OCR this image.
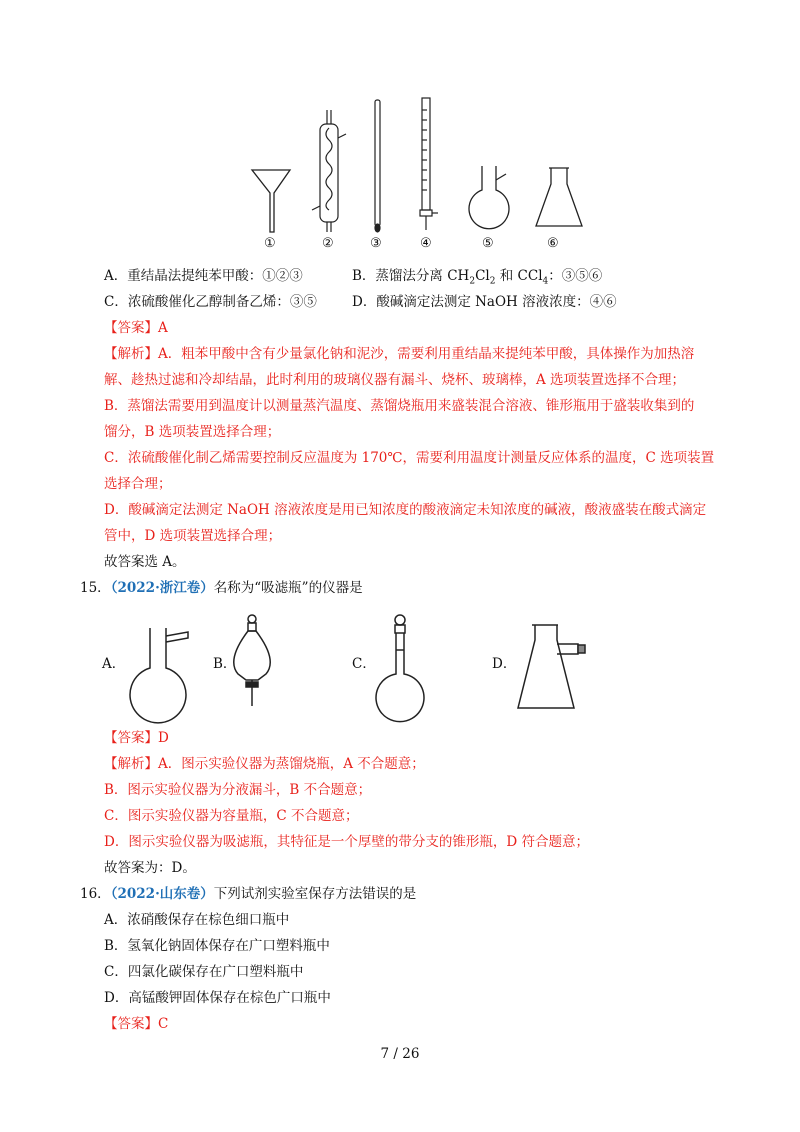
①	②	③	④	⑤	⑥
A．重结晶法提纯苯甲酸：①②③	B．蒸馏法分离 $CH_2Cl_2$ 和 CCl$_4$：③⑤⑥
C．浓硫酸催化乙醇制备乙烯：③⑤	D．酸碱滴定法测定 NaOH 溶液浓度：④⑥
【答案】A
【解析】A．粗苯甲酸中含有少量氯化钠和泥沙，需要利用重结晶来提纯苯甲酸，具体操作为加热溶
解、趁热过滤和冷却结晶，此时利用的玻璃仪器有漏斗、烧杯、玻璃棒，A 选项装置选择不合理；
B．蒸馏法需要用到温度计以测量蒸汽温度、蒸馏烧瓶用来盛装混合溶液、锥形瓶用于盛装收集到的
馏分，B 选项装置选择合理；
C．浓硫酸催化制乙烯需要控制反应温度为 170℃，需要利用温度计测量反应体系的温度，C 选项装置
选择合理；
D．酸碱滴定法测定 NaOH 溶液浓度是用已知浓度的酸液滴定未知浓度的碱液，酸液盛装在酸式滴定
管中，D 选项装置选择合理；
故答案选 A。
15．
（2022·浙江卷）名称为“吸滤瓶”的仪器是
A．	B．	C．	D．
【答案】D
【解析】A．图示实验仪器为蒸馏烧瓶，A 不合题意；
B．图示实验仪器为分液漏斗，B 不合题意；
C．图示实验仪器为容量瓶，C 不合题意；
D．图示实验仪器为吸滤瓶，其特征是一个厚壁的带分支的锥形瓶，D 符合题意；
故答案为：D。
16．
（2022·山东卷）下列试剂实验室保存方法错误的是
A．浓硝酸保存在棕色细口瓶中
B．氢氧化钠固体保存在广口塑料瓶中
C．四氯化碳保存在广口塑料瓶中
D．高锰酸钾固体保存在棕色广口瓶中
【答案】C
7 / 26
